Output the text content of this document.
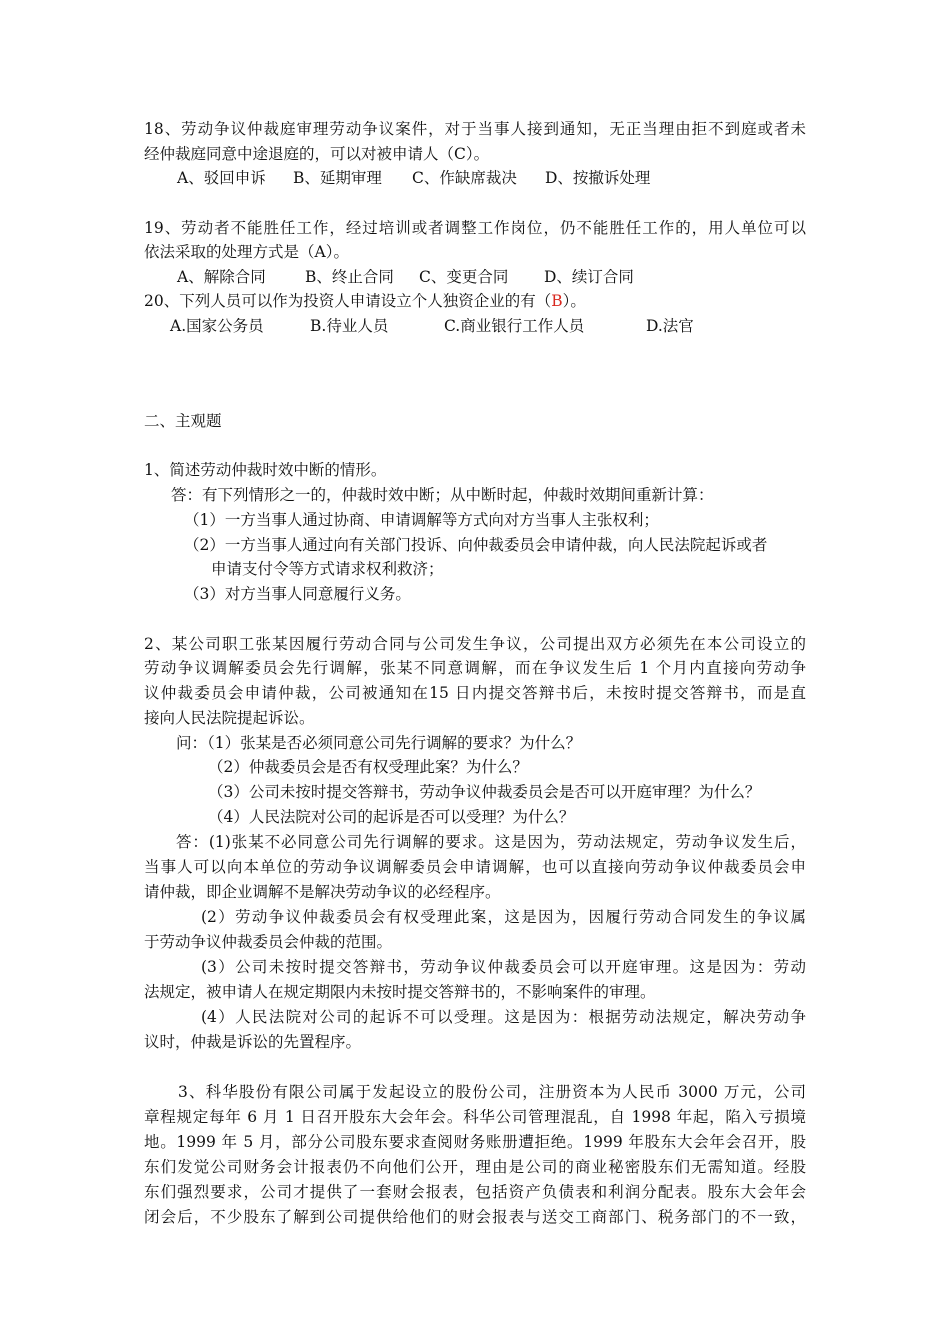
18、劳动争议仲裁庭审理劳动争议案件，对于当事人接到通知，无正当理由拒不到庭或者未
经仲裁庭同意中途退庭的，可以对被申请人（C）。
A、驳回申诉 B、延期审理 C、作缺席裁决 D、按撤诉处理
19、劳动者不能胜任工作，经过培训或者调整工作岗位，仍不能胜任工作的，用人单位可以
依法采取的处理方式是（A）。
A、解除合同	B、终止合同 C、变更合同 D、续订合同
20、下列人员可以作为投资人申请设立个人独资企业的有（B）。
A.国家公务员	B.待业人员	C.商业银行工作人员	D.法官
二、主观题
1、简述劳动仲裁时效中断的情形。
答：有下列情形之一的，仲裁时效中断；从中断时起，仲裁时效期间重新计算：
（1）一方当事人通过协商、申请调解等方式向对方当事人主张权利；
（2）一方当事人通过向有关部门投诉、向仲裁委员会申请仲裁，向人民法院起诉或者
申请支付令等方式请求权利救济；
（3）对方当事人同意履行义务。
2、某公司职工张某因履行劳动合同与公司发生争议，公司提出双方必须先在本公司设立的
劳动争议调解委员会先行调解，张某不同意调解，而在争议发生后 1 个月内直接向劳动争
议仲裁委员会申请仲裁，公司被通知在15 日内提交答辩书后，未按时提交答辩书，而是直
接向人民法院提起诉讼。
问：（1）张某是否必须同意公司先行调解的要求？为什么？
（2）仲裁委员会是否有权受理此案？为什么？
（3）公司未按时提交答辩书，劳动争议仲裁委员会是否可以开庭审理？为什么？
（4）人民法院对公司的起诉是否可以受理？为什么？
答：(1)张某不必同意公司先行调解的要求。这是因为，劳动法规定，劳动争议发生后，
当事人可以向本单位的劳动争议调解委员会申请调解，也可以直接向劳动争议仲裁委员会申
请仲裁，即企业调解不是解决劳动争议的必经程序。
(2）劳动争议仲裁委员会有权受理此案，这是因为，因履行劳动合同发生的争议属
于劳动争议仲裁委员会仲裁的范围。
(3）公司未按时提交答辩书，劳动争议仲裁委员会可以开庭审理。这是因为：劳动
法规定，被申请人在规定期限内未按时提交答辩书的，不影响案件的审理。
(4）人民法院对公司的起诉不可以受理。这是因为：根据劳动法规定，解决劳动争
议时，仲裁是诉讼的先置程序。
3、科华股份有限公司属于发起设立的股份公司，注册资本为人民币 3000 万元，公司
章程规定每年 6 月 1 日召开股东大会年会。科华公司管理混乱，自 1998 年起，陷入亏损境
地。1999 年 5 月，部分公司股东要求查阅财务账册遭拒绝。1999 年股东大会年会召开，股
东们发觉公司财务会计报表仍不向他们公开，理由是公司的商业秘密股东们无需知道。经股
东们强烈要求，公司才提供了一套财会报表，包括资产负债表和利润分配表。股东大会年会
闭会后，不少股东了解到公司提供给他们的财会报表与送交工商部门、税务部门的不一致，
